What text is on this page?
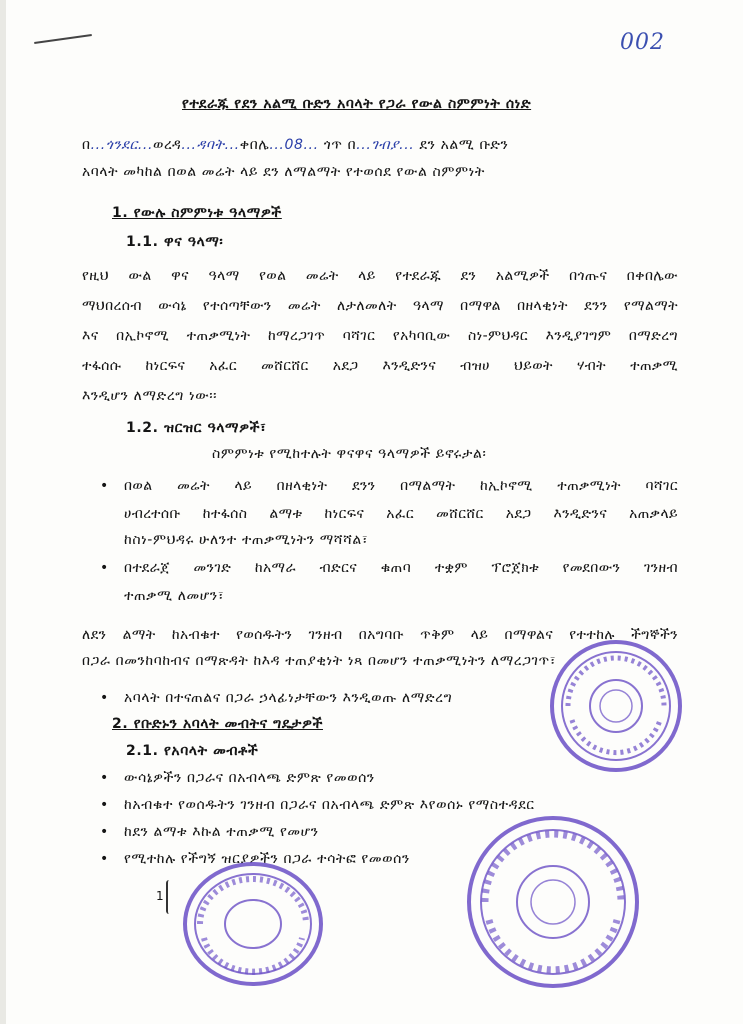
002
የተደራጁ የደን አልሚ ቡድን አባላት የጋራ የውል ስምምነት ሰነድ
በ...ጎንደር...ወረዳ...ዳባት...ቀበሌ...08... ጎጥ በ...ገብያ... ደን አልሚ ቡድን
አባላት መካከል በወል መሬት ላይ ደን ለማልማት የተወሰደ የውል ስምምነት
1. የውሉ ስምምነቱ ዓላማዎች
1.1. ዋና ዓላማ፡
የዚህ ውል ዋና ዓላማ የወል መሬት ላይ የተደራጁ ደን አልሚዎች በጎጡና በቀበሌው
ማህበረሰብ ውሳኔ የተሰጣቸውን መሬት ለታለመለት ዓላማ በማዋል በዘላቂነት ደንን የማልማት
እና በኢኮኖሚ ተጠቃሚነት ከማረጋገጥ ባሻገር የአካባቢው ስነ-ምህዳር እንዲያገግም በማድረግ
ተፋሰሱ ከነርፍና አፈር መሸርሸር አደጋ እንዲድንና ብዝሀ ህይወት ሃብት ተጠቃሚ
እንዲሆን ለማድረግ ነው፡፡
1.2. ዝርዝር ዓላማዎች፣
ስምምነቱ የሚከተሉት ዋናዋና ዓላማዎች ይኖሩታል፡
• በወል መሬት ላይ በዘላቂነት ደንን በማልማት ከኢኮኖሚ ተጠቃሚነት ባሻገር
ሀብረተሰቡ ከተፋሰስ ልማቱ ከነርፍና አፈር መሸርሸር አደጋ እንዲድንና አጠቃላይ
ከስነ-ምህዳሩ ሁለንተ ተጠቃሚነትን ማሻሻል፣
• በተደራጀ መንገድ ከአማራ ብድርና ቁጠባ ተቋም ፕሮጀክቱ የመደበውን ገንዘብ
ተጠቃሚ ለመሆን፣
ለደን ልማት ከአብቁተ የወሰዱትን ገንዘብ በአግባቡ ጥቅም ላይ በማዋልና የተተከሉ ችግኞችን
በጋራ በመንከባከብና በማጽዳት ከእዳ ተጠያቂነት ነጻ በመሆን ተጠቃሚነትን ለማረጋገጥ፣
• አባላት በተናጠልና በጋራ ኃላፊነታቸውን እንዲወጡ ለማድረግ
2. የቡድኑን አባላት መብትና ግዴታዎች
2.1. የአባላት መብቶች
• ውሳኔዎችን በጋራና በአብላጫ ድምጽ የመወሰን
• ከአብቁተ የወሰዱትን ገንዘብ በጋራና በአብላጫ ድምጽ እየወሰኑ የማስተዳደር
• ከደን ልማቱ እኩል ተጠቃሚ የመሆን
• የሚተከሉ የችግኝ ዝርያዎችን በጋራ ተሳትፎ የመወሰን
1
